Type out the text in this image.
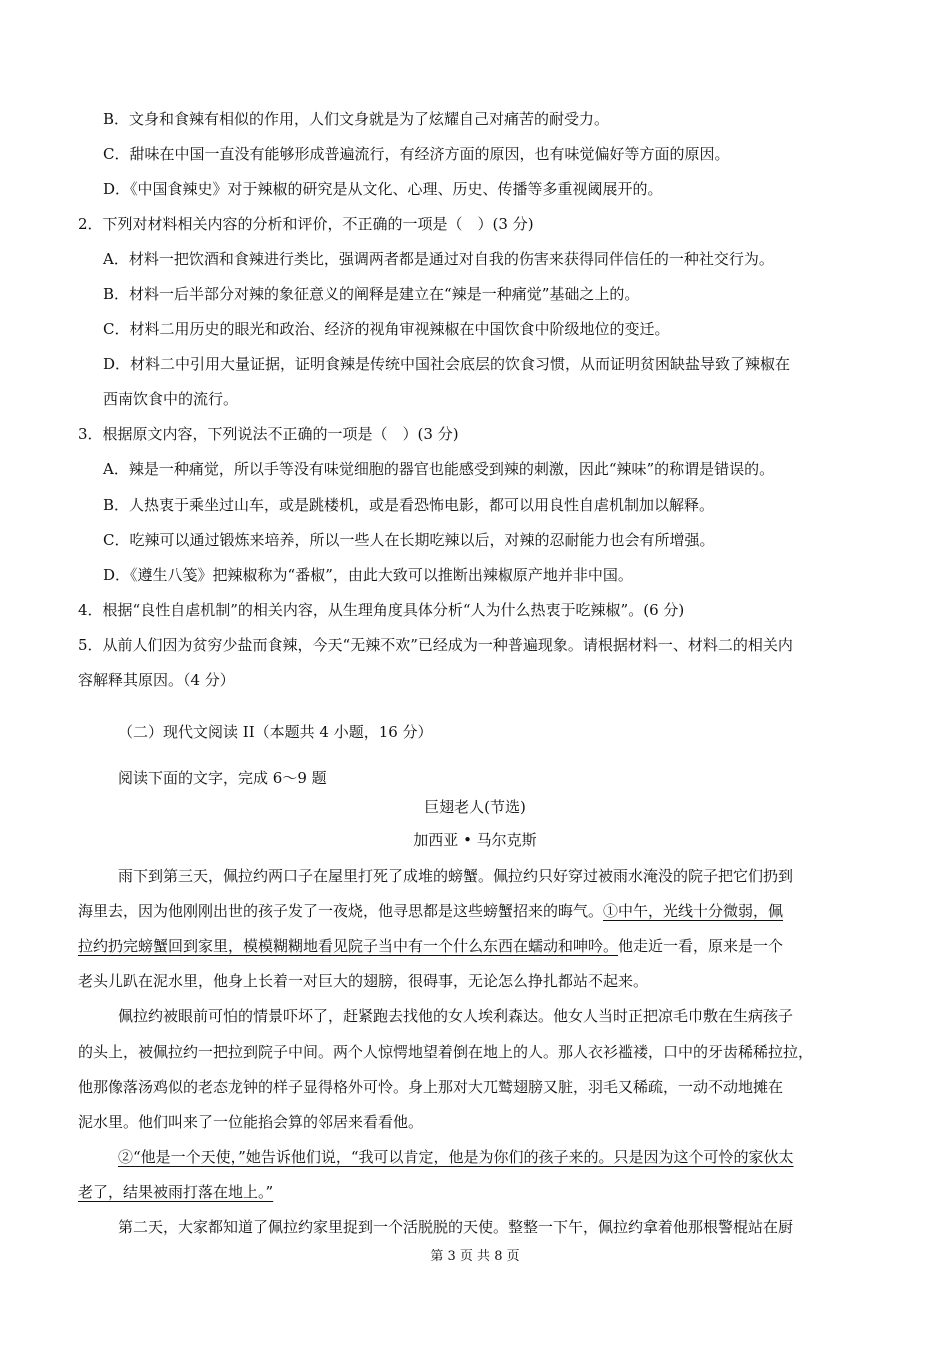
B．文身和食辣有相似的作用，人们文身就是为了炫耀自己对痛苦的耐受力。
C．甜味在中国一直没有能够形成普遍流行，有经济方面的原因，也有味觉偏好等方面的原因。
D．《中国食辣史》对于辣椒的研究是从文化、心理、历史、传播等多重视阈展开的。
2．下列对材料相关内容的分析和评价，不正确的一项是（　）(3 分)
A．材料一把饮酒和食辣进行类比，强调两者都是通过对自我的伤害来获得同伴信任的一种社交行为。
B．材料一后半部分对辣的象征意义的阐释是建立在“辣是一种痛觉”基础之上的。
C．材料二用历史的眼光和政治、经济的视角审视辣椒在中国饮食中阶级地位的变迁。
D．材料二中引用大量证据，证明食辣是传统中国社会底层的饮食习惯，从而证明贫困缺盐导致了辣椒在
西南饮食中的流行。
3．根据原文内容，下列说法不正确的一项是（　）(3 分)
A．辣是一种痛觉，所以手等没有味觉细胞的器官也能感受到辣的刺激，因此“辣味”的称谓是错误的。
B．人热衷于乘坐过山车，或是跳楼机，或是看恐怖电影，都可以用良性自虐机制加以解释。
C．吃辣可以通过锻炼来培养，所以一些人在长期吃辣以后，对辣的忍耐能力也会有所增强。
D．《遵生八笺》把辣椒称为“番椒”，由此大致可以推断出辣椒原产地并非中国。
4．根据“良性自虐机制”的相关内容，从生理角度具体分析“人为什么热衷于吃辣椒”。(6 分)
5．从前人们因为贫穷少盐而食辣，今天“无辣不欢”已经成为一种普遍现象。请根据材料一、材料二的相关内
容解释其原因。（4 分）
（二）现代文阅读 II（本题共 4 小题，16 分）
阅读下面的文字，完成 6～9 题
巨翅老人(节选)
加西亚 • 马尔克斯
雨下到第三天，佩拉约两口子在屋里打死了成堆的螃蟹。佩拉约只好穿过被雨水淹没的院子把它们扔到
海里去，因为他刚刚出世的孩子发了一夜烧，他寻思都是这些螃蟹招来的晦气。①中午，光线十分微弱，佩
拉约扔完螃蟹回到家里，模模糊糊地看见院子当中有一个什么东西在蠕动和呻吟。他走近一看，原来是一个
老头儿趴在泥水里，他身上长着一对巨大的翅膀，很碍事，无论怎么挣扎都站不起来。
佩拉约被眼前可怕的情景吓坏了，赶紧跑去找他的女人埃利森达。他女人当时正把凉毛巾敷在生病孩子
的头上，被佩拉约一把拉到院子中间。两个人惊愕地望着倒在地上的人。那人衣衫褴褛，口中的牙齿稀稀拉拉，
他那像落汤鸡似的老态龙钟的样子显得格外可怜。身上那对大兀鹫翅膀又脏，羽毛又稀疏，一动不动地摊在
泥水里。他们叫来了一位能掐会算的邻居来看看他。
②“他是一个天使，”她告诉他们说，“我可以肯定，他是为你们的孩子来的。只是因为这个可怜的家伙太
老了，结果被雨打落在地上。”
第二天，大家都知道了佩拉约家里捉到一个活脱脱的天使。整整一下午，佩拉约拿着他那根警棍站在厨
第 3 页 共 8 页
